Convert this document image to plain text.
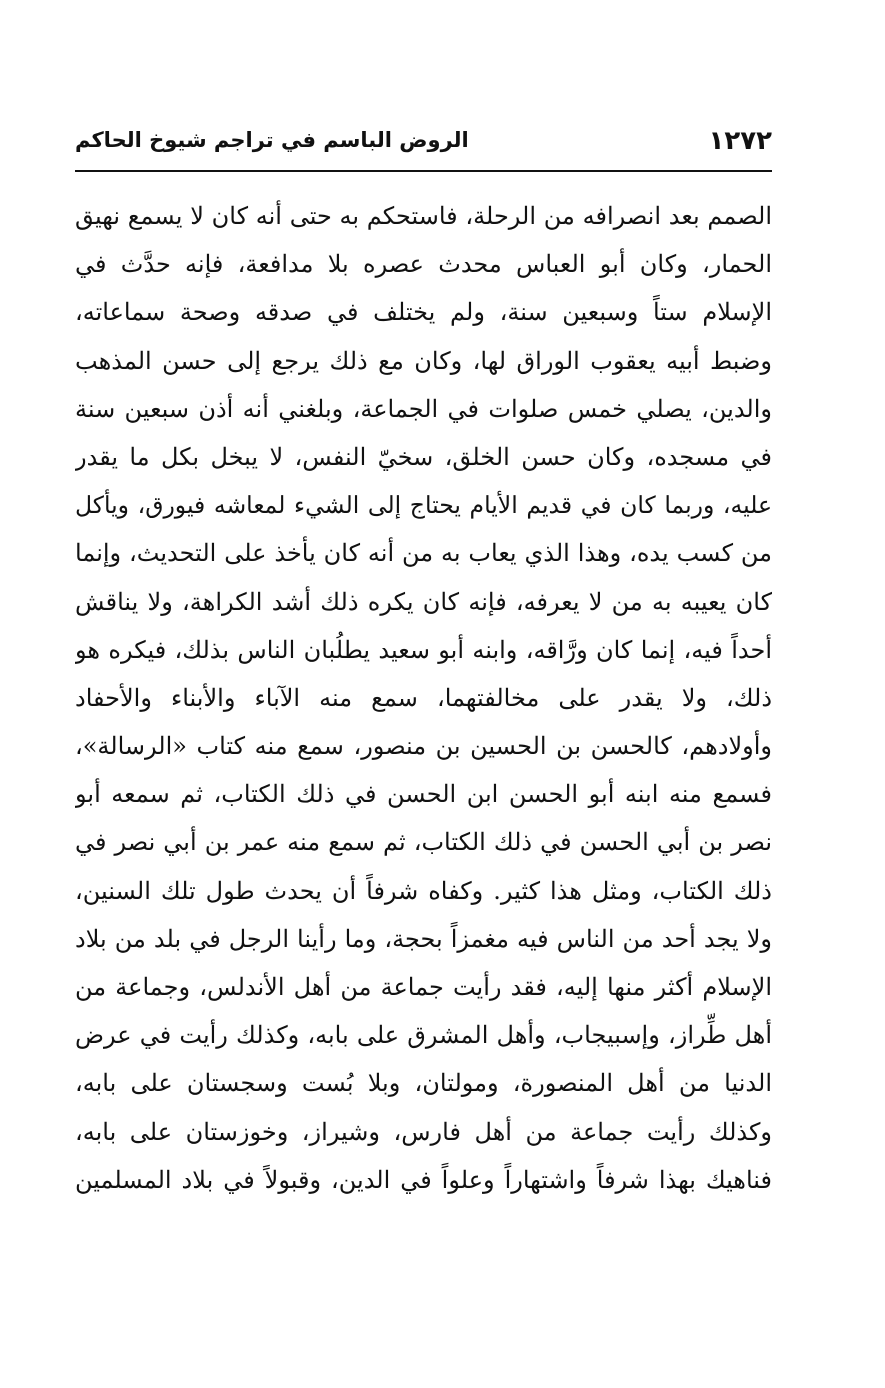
١٢٧٢
الروض الباسم في تراجم شيوخ الحاكم
الصمم بعد انصرافه من الرحلة، فاستحكم به حتى أنه كان لا يسمع نهيق
الحمار، وكان أبو العباس محدث عصره بلا مدافعة، فإنه حدَّث في
الإسلام ستاً وسبعين سنة، ولم يختلف في صدقه وصحة سماعاته،
وضبط أبيه يعقوب الوراق لها، وكان مع ذلك يرجع إلى حسن المذهب
والدين، يصلي خمس صلوات في الجماعة، وبلغني أنه أذن سبعين سنة
في مسجده، وكان حسن الخلق، سخيّ النفس، لا يبخل بكل ما يقدر
عليه، وربما كان في قديم الأيام يحتاج إلى الشيء لمعاشه فيورق، ويأكل
من كسب يده، وهذا الذي يعاب به من أنه كان يأخذ على التحديث، وإنما
كان يعيبه به من لا يعرفه، فإنه كان يكره ذلك أشد الكراهة، ولا يناقش
أحداً فيه، إنما كان ورَّاقه، وابنه أبو سعيد يطلُبان الناس بذلك، فيكره هو
ذلك، ولا يقدر على مخالفتهما، سمع منه الآباء والأبناء والأحفاد
وأولادهم، كالحسن بن الحسين بن منصور، سمع منه كتاب «الرسالة»،
فسمع منه ابنه أبو الحسن ابن الحسن في ذلك الكتاب، ثم سمعه أبو
نصر بن أبي الحسن في ذلك الكتاب، ثم سمع منه عمر بن أبي نصر في
ذلك الكتاب، ومثل هذا كثير. وكفاه شرفاً أن يحدث طول تلك السنين،
ولا يجد أحد من الناس فيه مغمزاً بحجة، وما رأينا الرجل في بلد من بلاد
الإسلام أكثر منها إليه، فقد رأيت جماعة من أهل الأندلس، وجماعة من
أهل طِّراز، وإسبيجاب، وأهل المشرق على بابه، وكذلك رأيت في عرض
الدنيا من أهل المنصورة، ومولتان، وبلا بُست وسجستان على بابه،
وكذلك رأيت جماعة من أهل فارس، وشيراز، وخوزستان على بابه،
فناهيك بهذا شرفاً واشتهاراً وعلواً في الدين، وقبولاً في بلاد المسلمين
